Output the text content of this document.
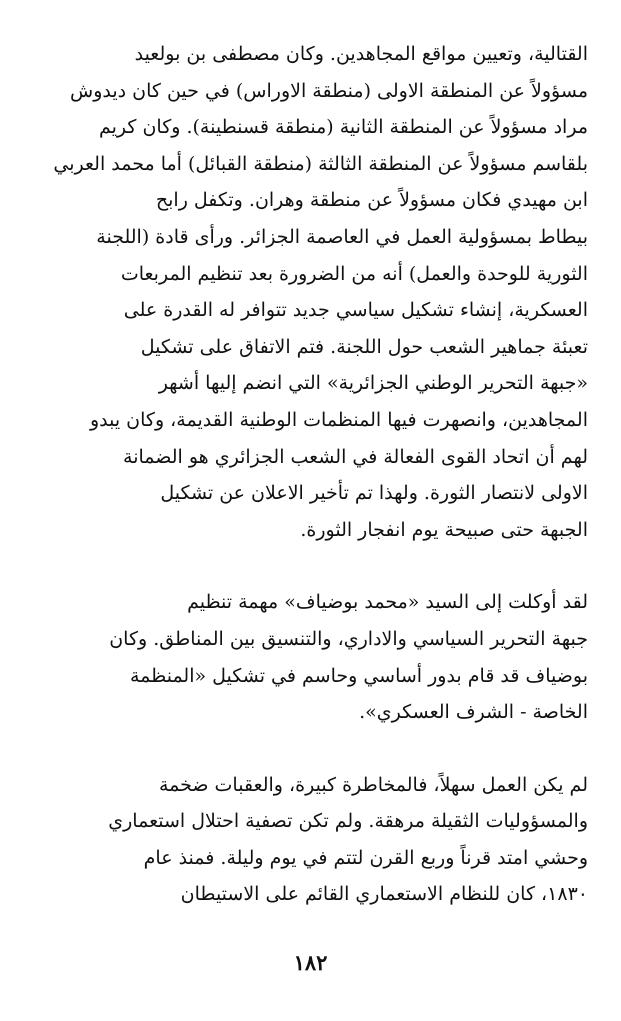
القتالية، وتعيين مواقع المجاهدين. وكان مصطفى بن بولعيد
مسؤولاً عن المنطقة الاولى (منطقة الاوراس) في حين كان ديدوش
مراد مسؤولاً عن المنطقة الثانية (منطقة قسنطينة). وكان كريم
بلقاسم مسؤولاً عن المنطقة الثالثة (منطقة القبائل) أما محمد العربي
ابن مهيدي فكان مسؤولاً عن منطقة وهران. وتكفل رابح
بيطاط بمسؤولية العمل في العاصمة الجزائر. ورأى قادة (اللجنة
الثورية للوحدة والعمل) أنه من الضرورة بعد تنظيم المربعات
العسكرية، إنشاء تشكيل سياسي جديد تتوافر له القدرة على
تعبئة جماهير الشعب حول اللجنة. فتم الاتفاق على تشكيل
«جبهة التحرير الوطني الجزائرية» التي انضم إليها أشهر
المجاهدين، وانصهرت فيها المنظمات الوطنية القديمة، وكان يبدو
لهم أن اتحاد القوى الفعالة في الشعب الجزائري هو الضمانة
الاولى لانتصار الثورة. ولهذا تم تأخير الاعلان عن تشكيل
الجبهة حتى صبيحة يوم انفجار الثورة.
لقد أوكلت إلى السيد «محمد بوضياف» مهمة تنظيم
جبهة التحرير السياسي والاداري، والتنسيق بين المناطق. وكان
بوضياف قد قام بدور أساسي وحاسم في تشكيل «المنظمة
الخاصة - الشرف العسكري».
لم يكن العمل سهلاً، فالمخاطرة كبيرة، والعقبات ضخمة
والمسؤوليات الثقيلة مرهقة. ولم تكن تصفية احتلال استعماري
وحشي امتد قرناً وربع القرن لتتم في يوم وليلة. فمنذ عام
١٨٣٠، كان للنظام الاستعماري القائم على الاستيطان
١٨٢
